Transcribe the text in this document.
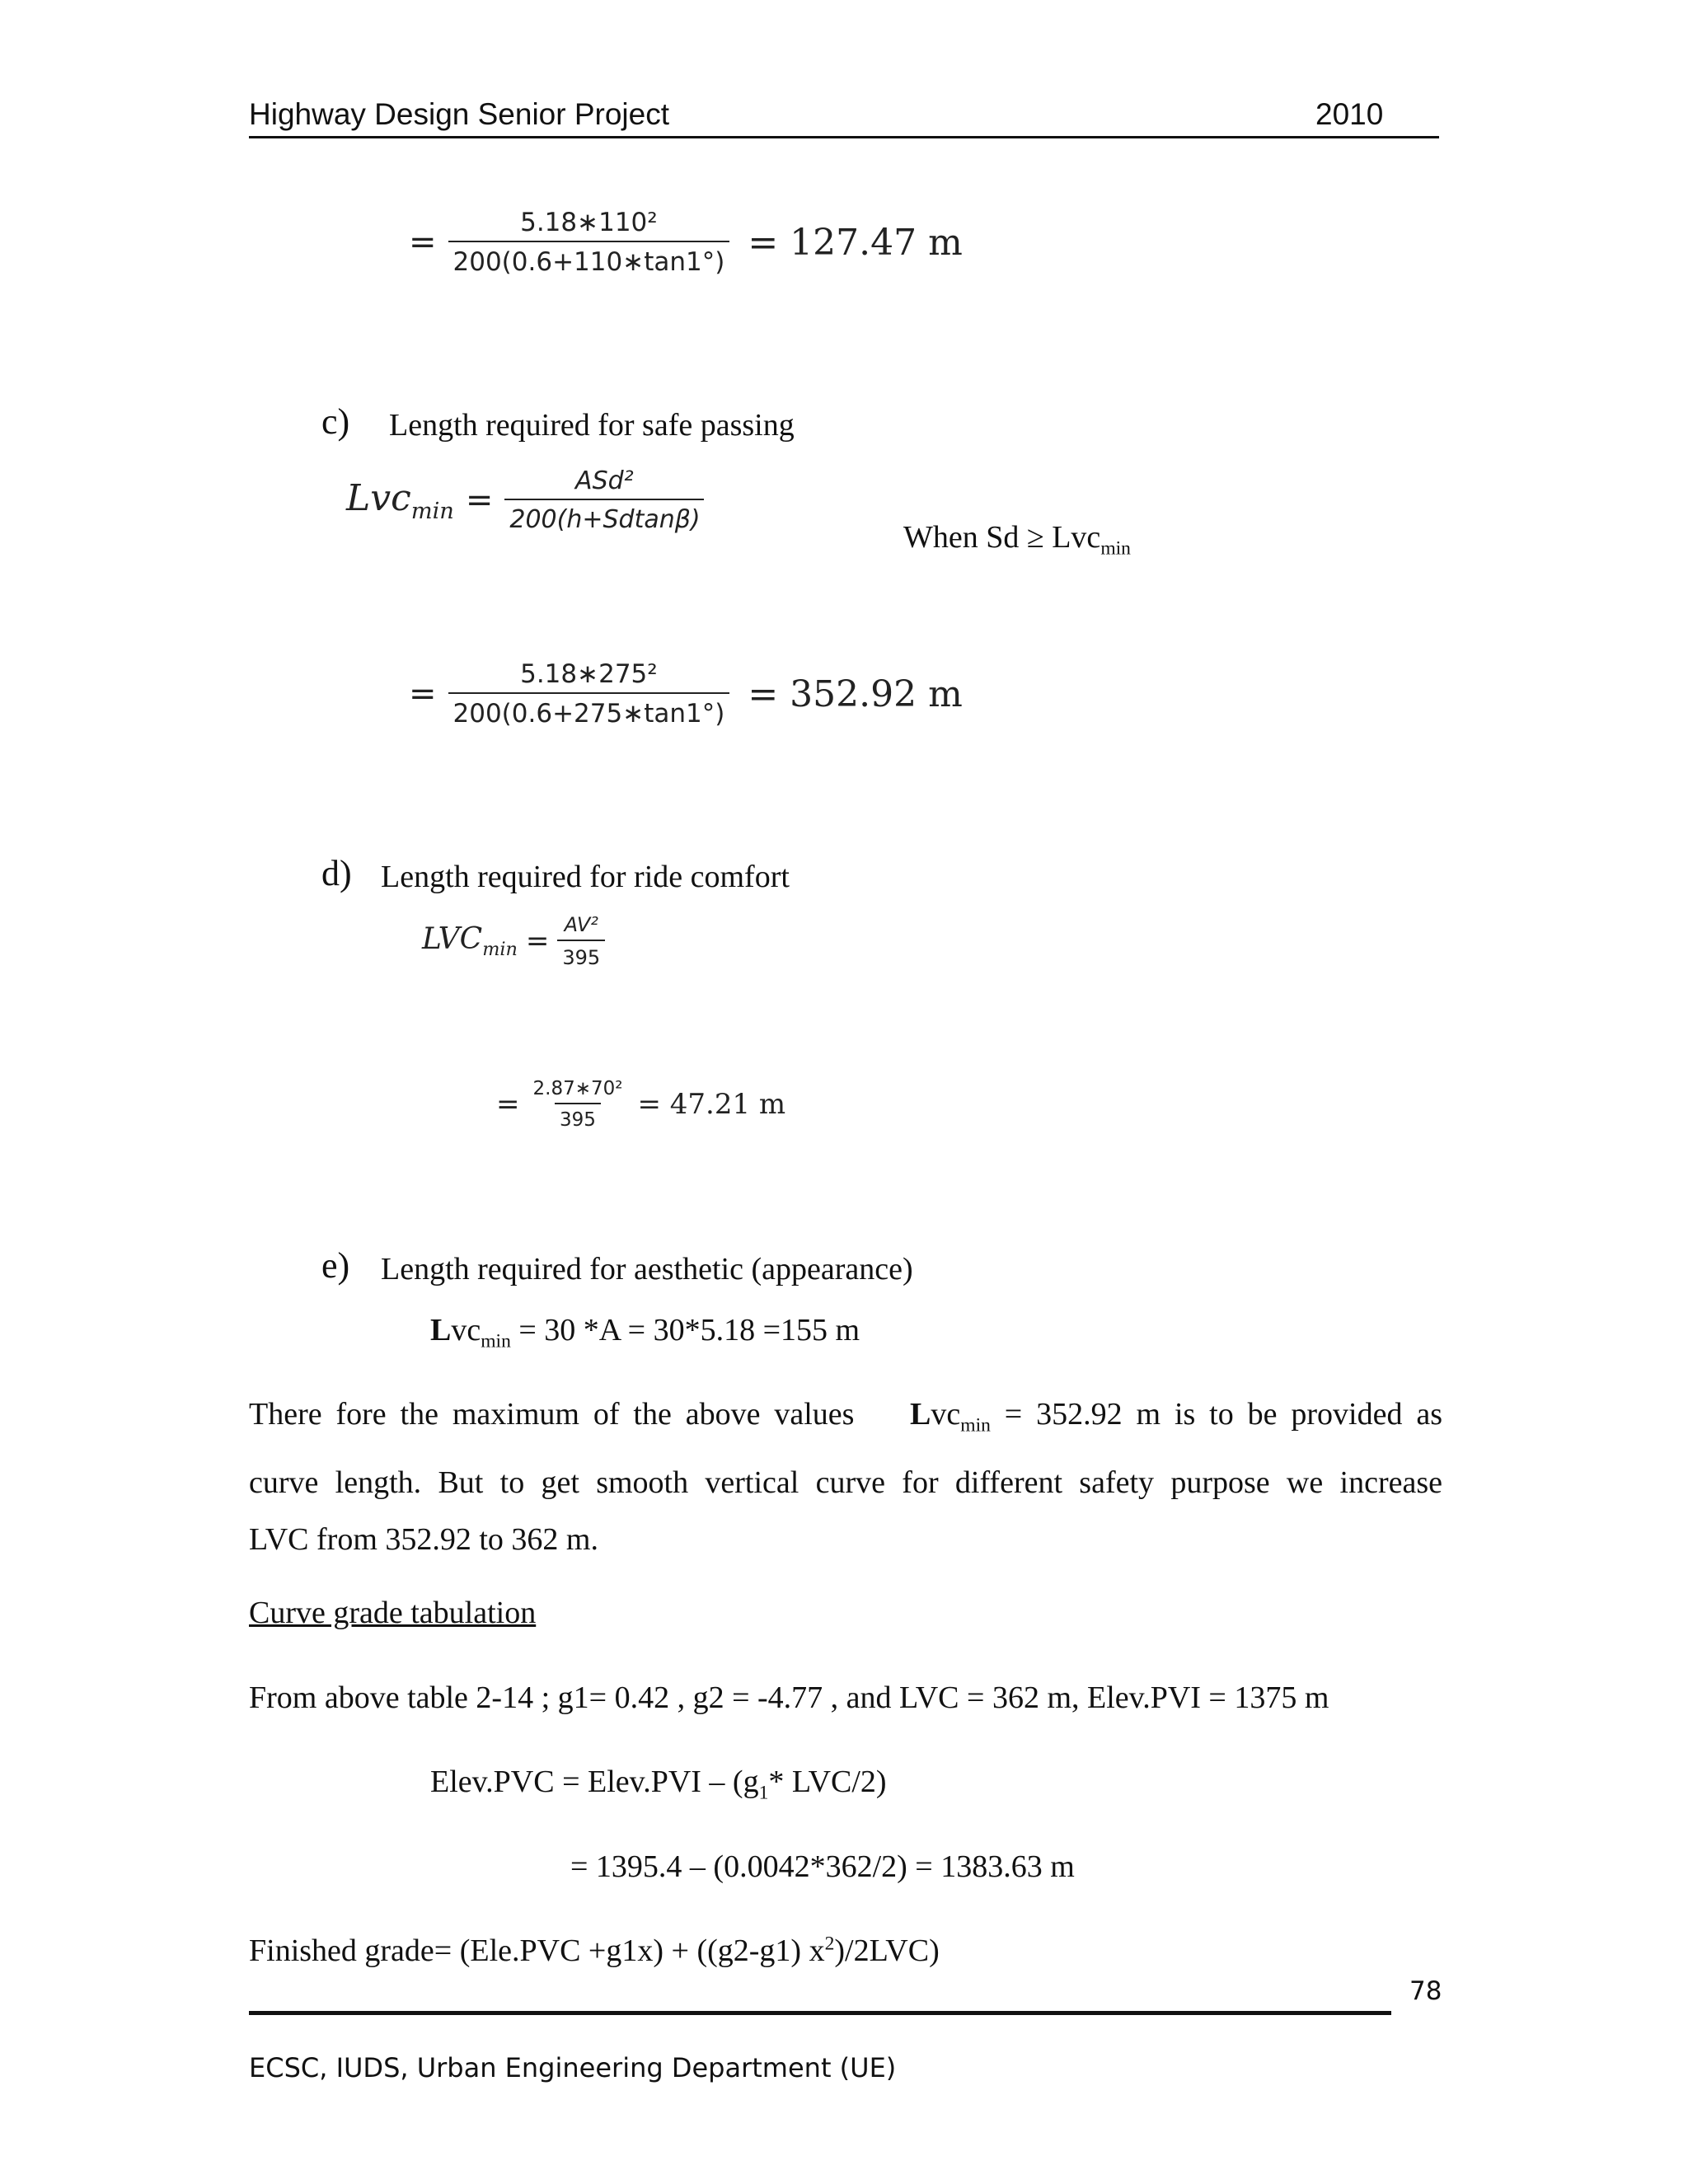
Highway Design Senior Project	2010
= $\frac{\text{5.18∗110²}}{200(0.6+110∗\tan 1^\circ)} = 127.47$ m
c) Length required for safe passing
$Lvc_{min} = \frac{\text{ASd²}}{200(h+Sdtan\beta)}$
When Sd ≥ Lvc$_{min}$
= $\frac{\text{5.18∗275²}}{200(0.6+275∗\tan 1^\circ)} = 352.92$ m
d) Length required for ride comfort
$LVC_{min} = \frac{\text{AV²}}{395}$
= $\frac{\text{2.87∗70²}}{395} = 47.21$ m
e) Length required for aesthetic (appearance)
Lvc$_{min}$ = 30 *A = 30*5.18 =155 m
There fore the maximum of the above values Lvc$_{min}$ = 352.92 m is to be provided as
curve length. But to get smooth vertical curve for different safety purpose we increase
LVC from 352.92 to 362 m.
Curve grade tabulation
From above table 2-14 ; g1= 0.42 , g2 = -4.77 , and LVC = 362 m, Elev.PVI = 1375 m
Elev.PVC = Elev.PVI – ($g_1*$ LVC/2)
= 1395.4 – (0.0042*362/2) = 1383.63 m
Finished grade= (Ele.PVC +g1x) + ((g2-g1) $x^2)/2LVC$)
78
ECSC, IUDS, Urban Engineering Department (UE)
